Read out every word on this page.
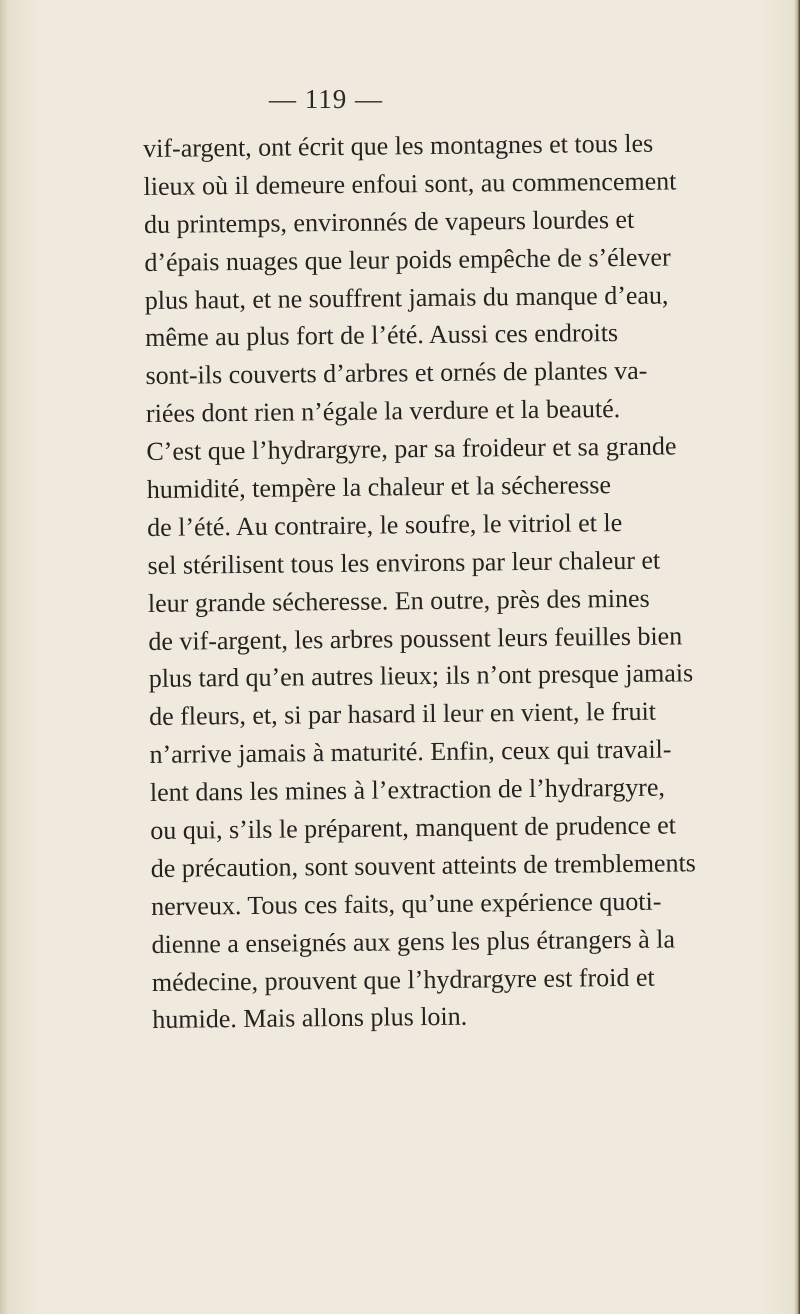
— 119 —
vif-argent, ont écrit que les montagnes et tous les
lieux où il demeure enfoui sont, au commencement
du printemps, environnés de vapeurs lourdes et
d’épais nuages que leur poids empêche de s’élever
plus haut, et ne souffrent jamais du manque d’eau,
même au plus fort de l’été. Aussi ces endroits
sont-ils couverts d’arbres et ornés de plantes va-
riées dont rien n’égale la verdure et la beauté.
C’est que l’hydrargyre, par sa froideur et sa grande
humidité, tempère la chaleur et la sécheresse
de l’été. Au contraire, le soufre, le vitriol et le
sel stérilisent tous les environs par leur chaleur et
leur grande sécheresse. En outre, près des mines
de vif-argent, les arbres poussent leurs feuilles bien
plus tard qu’en autres lieux; ils n’ont presque jamais
de fleurs, et, si par hasard il leur en vient, le fruit
n’arrive jamais à maturité. Enfin, ceux qui travail-
lent dans les mines à l’extraction de l’hydrargyre,
ou qui, s’ils le préparent, manquent de prudence et
de précaution, sont souvent atteints de tremblements
nerveux. Tous ces faits, qu’une expérience quoti-
dienne a enseignés aux gens les plus étrangers à la
médecine, prouvent que l’hydrargyre est froid et
humide. Mais allons plus loin.
